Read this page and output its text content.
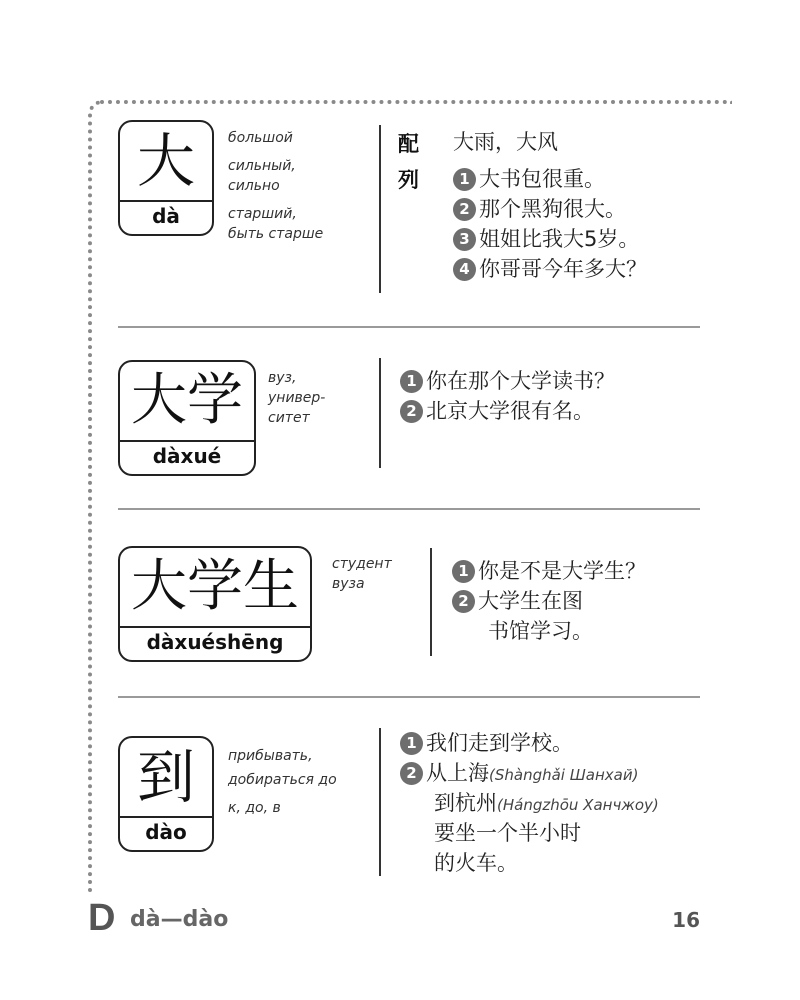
大
dà
большой
сильный,
сильно
старший,
быть старше
配
列
大雨，大风
1 大书包很重。
2 那个黑狗很大。
3 姐姐比我大5岁。
4 你哥哥今年多大？
大学
dàxué
вуз,
универ-
ситет
1 你在那个大学读书？
2 北京大学很有名。
大学生
dàxuéshēng
студент
вуза
1 你是不是大学生？
2 大学生在图
书馆学习。
到
dào
прибывать,
добираться до
к, до, в
1 我们走到学校。
2 从上海(Shànghǎi Шанхай)
到杭州(Hángzhōu Ханчжоу)
要坐一个半小时
的火车。
D dà—dào	16
